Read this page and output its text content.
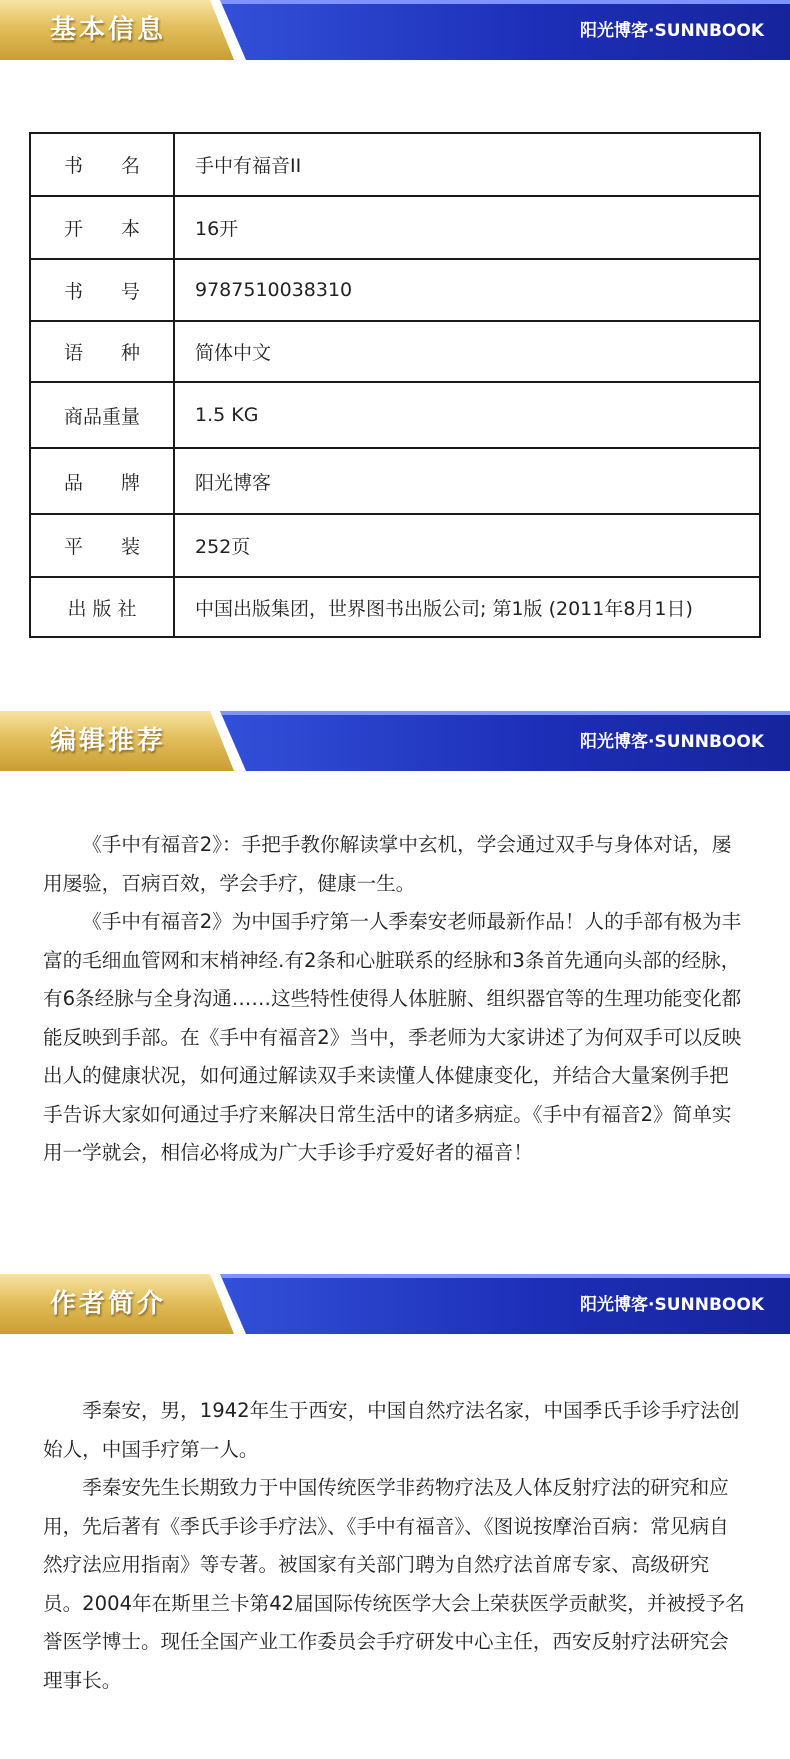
基本信息	阳光博客·SUNNBOOK
书　　名	手中有福音II
开　　本	16开
书　　号	9787510038310
语　　种	简体中文
商品重量	1.5 KG
品　　牌	阳光博客
平　　装	252页
出 版 社	中国出版集团，世界图书出版公司; 第1版 (2011年8月1日)
编辑推荐	阳光博客·SUNNBOOK

《手中有福音2》：手把手教你解读掌中玄机，学会通过双手与身体对话，屡用屡验，百病百效，学会手疗，健康一生。

《手中有福音2》为中国手疗第一人季秦安老师最新作品！人的手部有极为丰富的毛细血管网和末梢神经.有2条和心脏联系的经脉和3条首先通向头部的经脉，有6条经脉与全身沟通……这些特性使得人体脏腑、组织器官等的生理功能变化都能反映到手部。在《手中有福音2》当中，季老师为大家讲述了为何双手可以反映出人的健康状况，如何通过解读双手来读懂人体健康变化，并结合大量案例手把手告诉大家如何通过手疗来解决日常生活中的诸多病症。《手中有福音2》简单实用一学就会，相信必将成为广大手诊手疗爱好者的福音！

作者简介	阳光博客·SUNNBOOK

季秦安，男，1942年生于西安，中国自然疗法名家，中国季氏手诊手疗法创始人，中国手疗第一人。

季秦安先生长期致力于中国传统医学非药物疗法及人体反射疗法的研究和应用，先后著有《季氏手诊手疗法》、《手中有福音》、《图说按摩治百病：常见病自然疗法应用指南》等专著。被国家有关部门聘为自然疗法首席专家、高级研究员。2004年在斯里兰卡第42届国际传统医学大会上荣获医学贡献奖，并被授予名誉医学博士。现任全国产业工作委员会手疗研发中心主任，西安反射疗法研究会理事长。
